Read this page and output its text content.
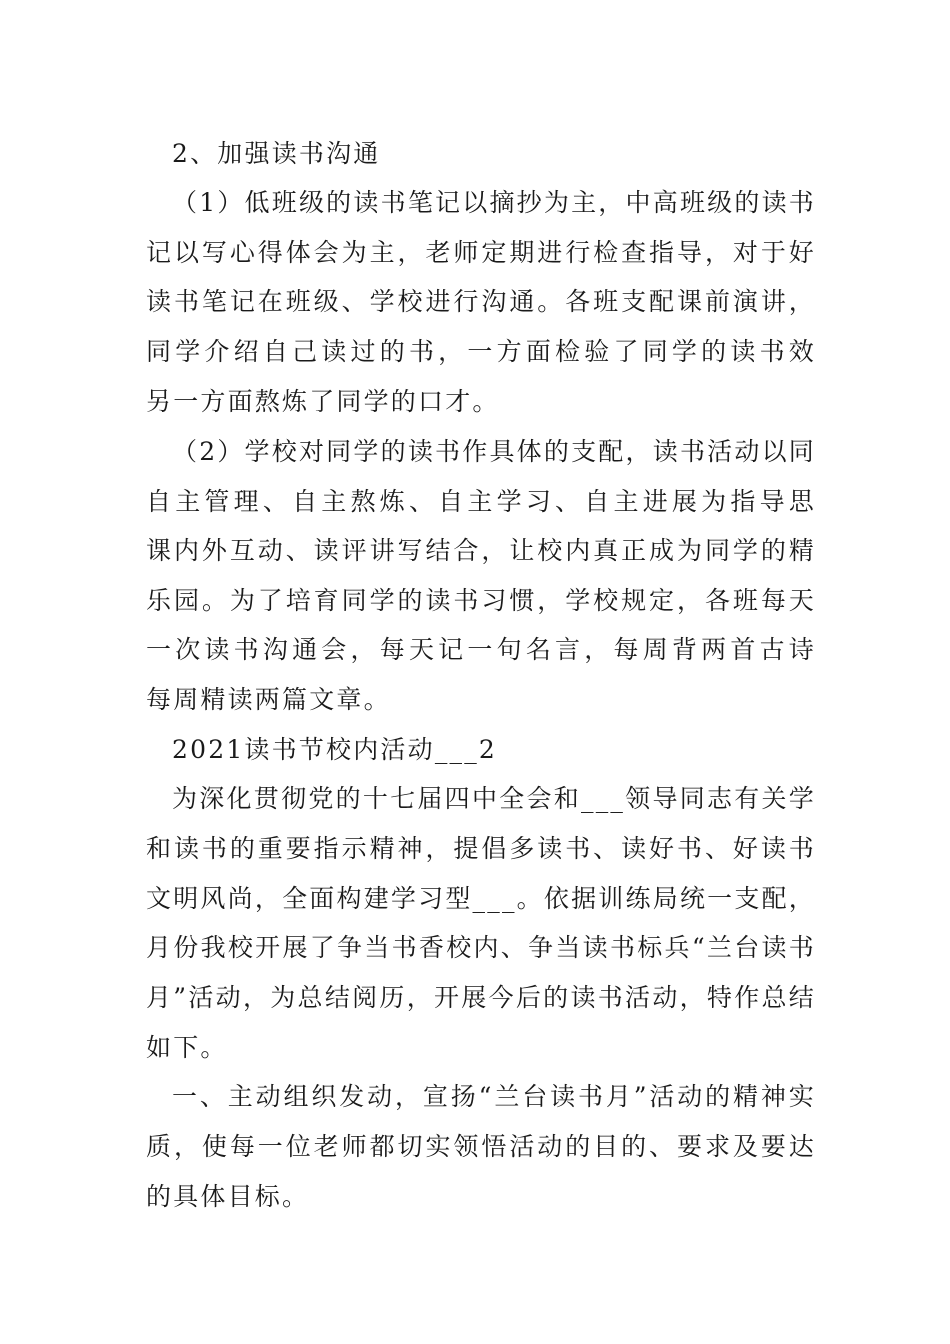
2、加强读书沟通
（1）低班级的读书笔记以摘抄为主，中高班级的读书
记以写心得体会为主，老师定期进行检查指导，对于好
读书笔记在班级、学校进行沟通。各班支配课前演讲，
同学介绍自己读过的书，一方面检验了同学的读书效
另一方面熬炼了同学的口才。
（2）学校对同学的读书作具体的支配，读书活动以同
自主管理、自主熬炼、自主学习、自主进展为指导思
课内外互动、读评讲写结合，让校内真正成为同学的精
乐园。为了培育同学的读书习惯，学校规定，各班每天
一次读书沟通会，每天记一句名言，每周背两首古诗
每周精读两篇文章。
2021读书节校内活动___2
为深化贯彻党的十七届四中全会和___领导同志有关学
和读书的重要指示精神，提倡多读书、读好书、好读书
文明风尚，全面构建学习型___。依据训练局统一支配，
月份我校开展了争当书香校内、争当读书标兵“兰台读书
月”活动，为总结阅历，开展今后的读书活动，特作总结
如下。
一、主动组织发动，宣扬“兰台读书月”活动的精神实
质，使每一位老师都切实领悟活动的目的、要求及要达
的具体目标。
